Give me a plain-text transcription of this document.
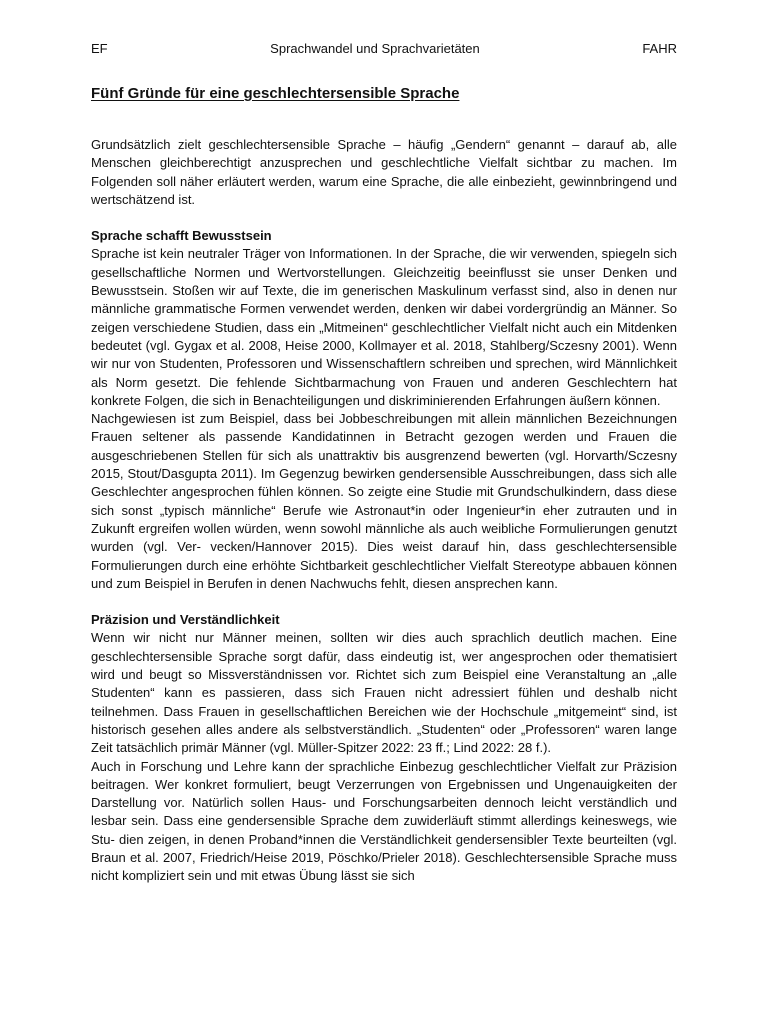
EF	Sprachwandel und Sprachvarietäten	FAHR
Fünf Gründe für eine geschlechtersensible Sprache

Grundsätzlich zielt geschlechtersensible Sprache – häufig „Gendern“ genannt – darauf ab, alle Menschen gleichberechtigt anzusprechen und geschlechtliche Vielfalt sichtbar zu machen. Im Folgenden soll näher erläutert werden, warum eine Sprache, die alle einbezieht, gewinnbringend und wertschätzend ist.

Sprache schafft Bewusstsein

Sprache ist kein neutraler Träger von Informationen. In der Sprache, die wir verwenden, spiegeln sich gesellschaftliche Normen und Wertvorstellungen. Gleichzeitig beeinflusst sie unser Denken und Bewusstsein. Stoßen wir auf Texte, die im generischen Maskulinum verfasst sind, also in denen nur männliche grammatische Formen verwendet werden, denken wir dabei vordergründig an Männer. So zeigen verschiedene Studien, dass ein „Mitmeinen“ geschlechtlicher Vielfalt nicht auch ein Mitdenken bedeutet (vgl. Gygax et al. 2008, Heise 2000, Kollmayer et al. 2018, Stahlberg/Sczesny 2001). Wenn wir nur von Studenten, Professoren und Wissenschaftlern schreiben und sprechen, wird Männlichkeit als Norm gesetzt. Die fehlende Sichtbarmachung von Frauen und anderen Geschlechtern hat konkrete Folgen, die sich in Benachteiligungen und diskriminierenden Erfahrungen äußern können.

Nachgewiesen ist zum Beispiel, dass bei Jobbeschreibungen mit allein männlichen Bezeichnungen Frauen seltener als passende Kandidatinnen in Betracht gezogen werden und Frauen die ausgeschriebenen Stellen für sich als unattraktiv bis ausgrenzend bewerten (vgl. Horvarth/Sczesny 2015, Stout/Dasgupta 2011). Im Gegenzug bewirken gendersensible Ausschreibungen, dass sich alle Geschlechter angesprochen fühlen können. So zeigte eine Studie mit Grundschulkindern, dass diese sich sonst „typisch männliche“ Berufe wie Astronaut*in oder Ingenieur*in eher zutrauten und in Zukunft ergreifen wollen würden, wenn sowohl männliche als auch weibliche Formulierungen genutzt wurden (vgl. Ver- vecken/Hannover 2015). Dies weist darauf hin, dass geschlechtersensible Formulierungen durch eine erhöhte Sichtbarkeit geschlechtlicher Vielfalt Stereotype abbauen können und zum Beispiel in Berufen in denen Nachwuchs fehlt, diesen ansprechen kann.

Präzision und Verständlichkeit

Wenn wir nicht nur Männer meinen, sollten wir dies auch sprachlich deutlich machen. Eine geschlechtersensible Sprache sorgt dafür, dass eindeutig ist, wer angesprochen oder thematisiert wird und beugt so Missverständnissen vor. Richtet sich zum Beispiel eine Veranstaltung an „alle Studenten“ kann es passieren, dass sich Frauen nicht adressiert fühlen und deshalb nicht teilnehmen. Dass Frauen in gesellschaftlichen Bereichen wie der Hochschule „mitgemeint“ sind, ist historisch gesehen alles andere als selbstverständlich. „Studenten“ oder „Professoren“ waren lange Zeit tatsächlich primär Männer (vgl. Müller-Spitzer 2022: 23 ff.; Lind 2022: 28 f.).

Auch in Forschung und Lehre kann der sprachliche Einbezug geschlechtlicher Vielfalt zur Präzision beitragen. Wer konkret formuliert, beugt Verzerrungen von Ergebnissen und Ungenauigkeiten der Darstellung vor. Natürlich sollen Haus- und Forschungsarbeiten dennoch leicht verständlich und lesbar sein. Dass eine gendersensible Sprache dem zuwiderläuft stimmt allerdings keineswegs, wie Stu- dien zeigen, in denen Proband*innen die Verständlichkeit gendersensibler Texte beurteilten (vgl. Braun et al. 2007, Friedrich/Heise 2019, Pöschko/Prieler 2018). Geschlechtersensible Sprache muss nicht kompliziert sein und mit etwas Übung lässt sie sich
